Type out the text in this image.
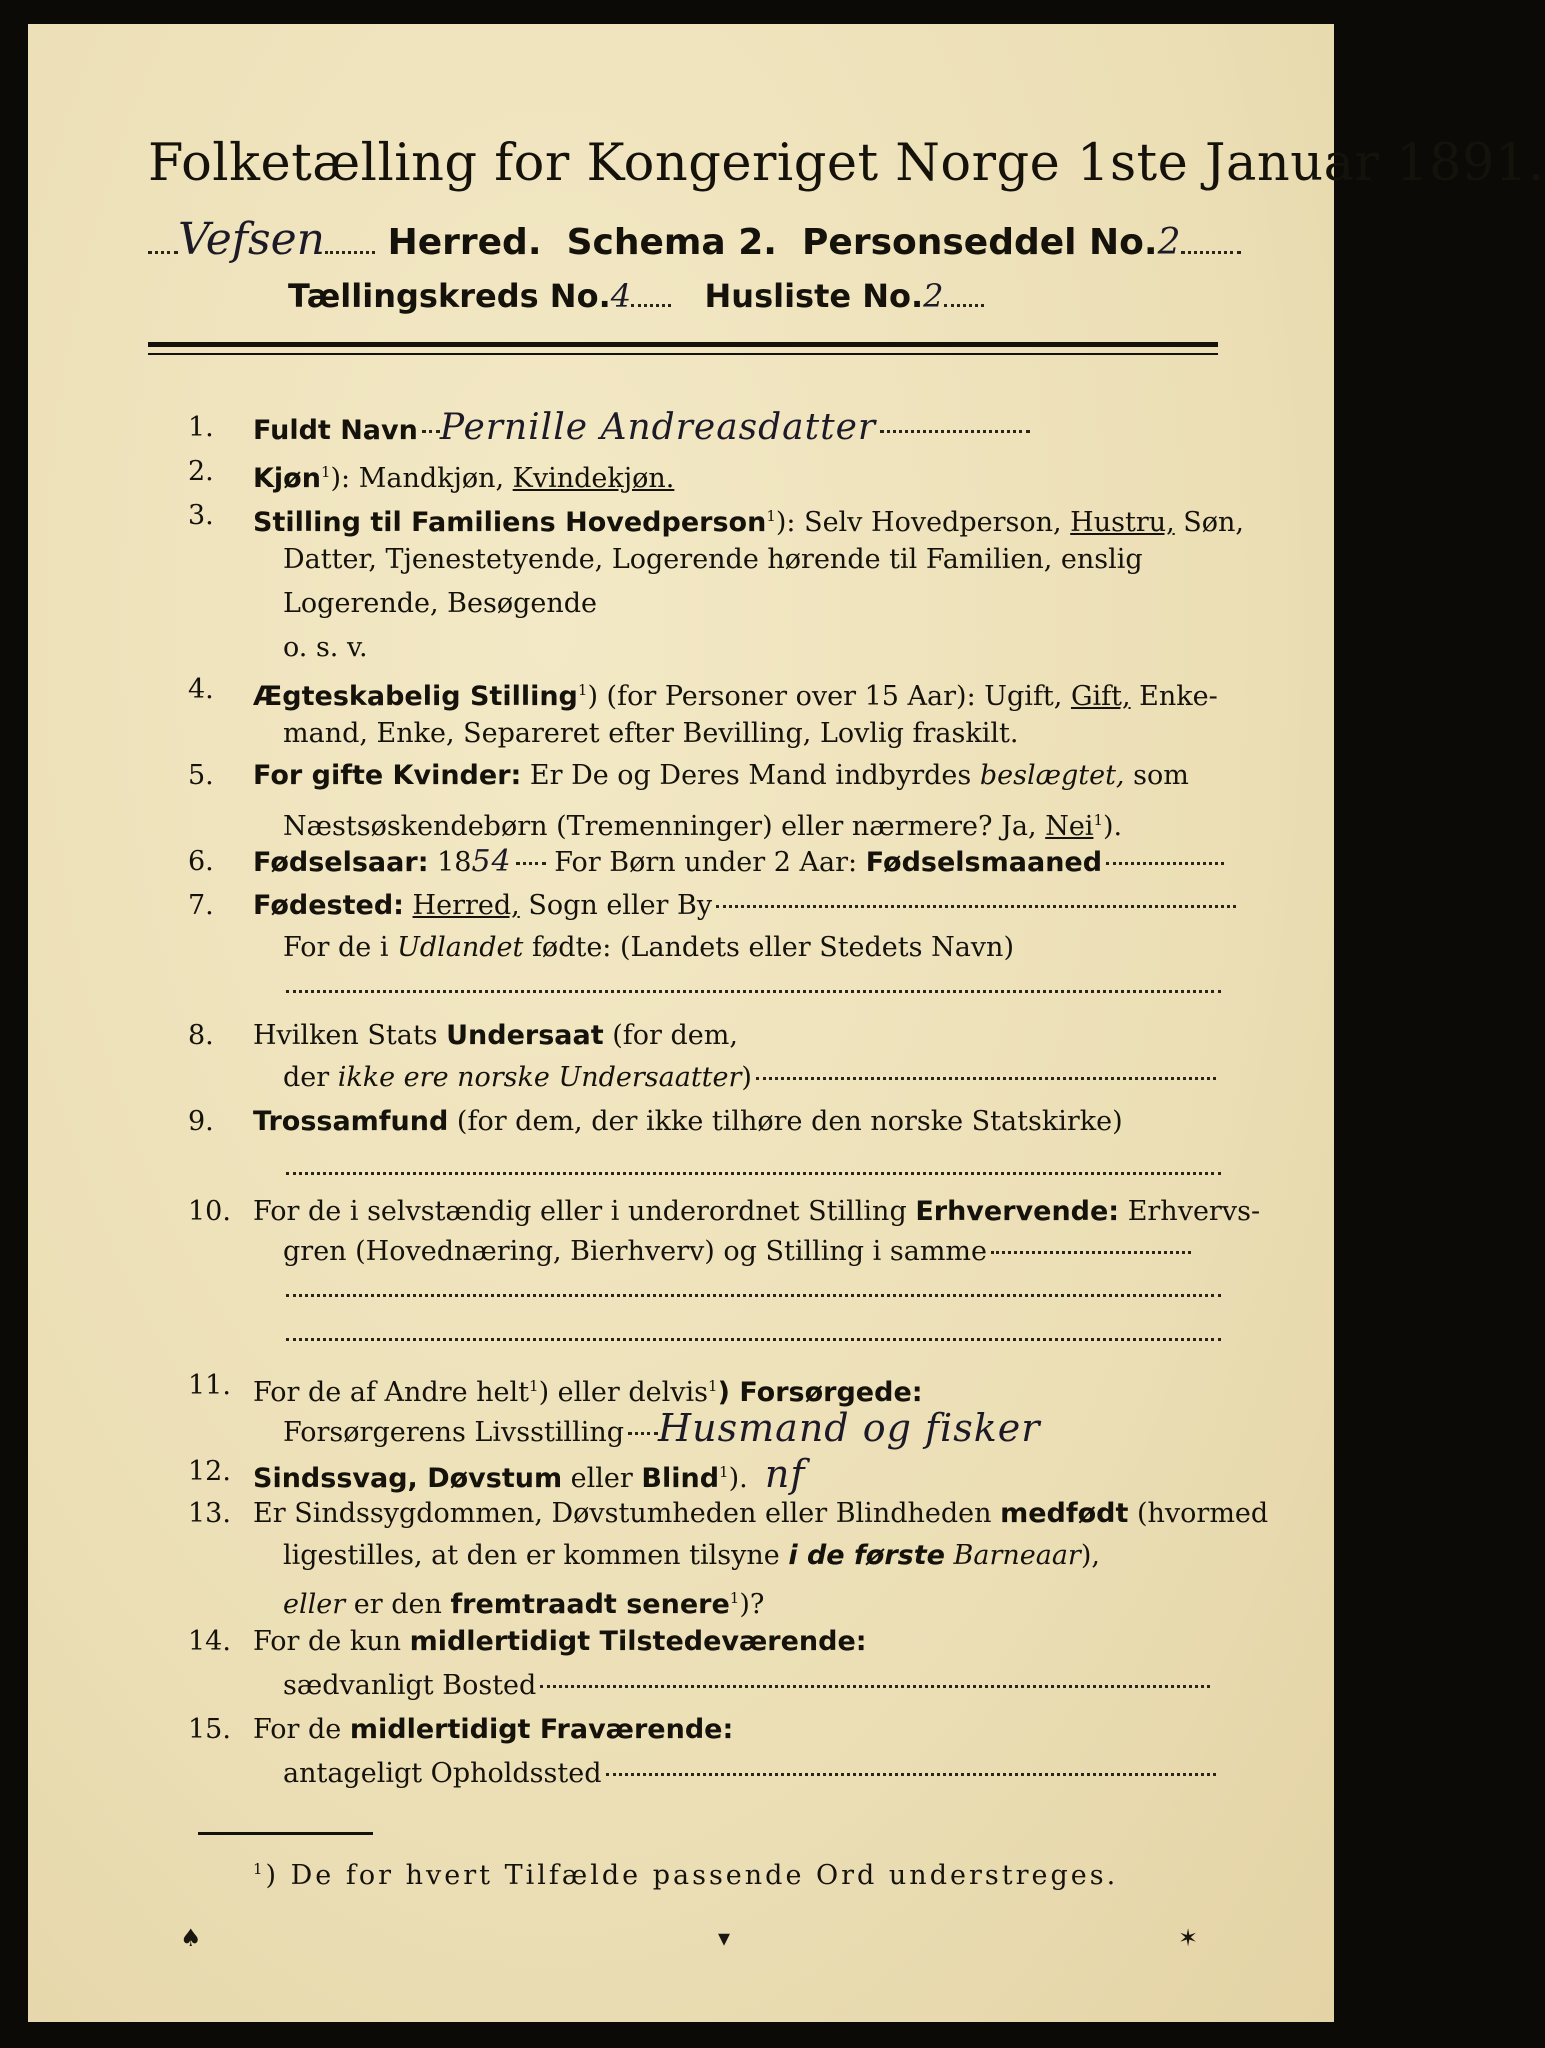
Folketælling for Kongeriget Norge 1ste Januar 1891.
Vefsen Herred. Schema 2. Personseddel No.2
Tællingskreds No.4 Husliste No.2
1.	Fuldt Navn Pernille Andreasdatter
2.	Kjøn$^1$): Mandkjøn, Kvindekjøn.
3.	Stilling til Familiens Hovedperson$^1$): Selv Hovedperson, Hustru, Søn,
Datter, Tjenestetyende, Logerende hørende til Familien, enslig
Logerende, Besøgende
o. s. v.
4.	Ægteskabelig Stilling$^1$) (for Personer over 15 Aar): Ugift, Gift, Enke-
mand, Enke, Separeret efter Bevilling, Lovlig fraskilt.
5.	For gifte Kvinder: Er De og Deres Mand indbyrdes beslægtet, som
Næstsøskendebørn (Tremenninger) eller nærmere? Ja, Nei$^1$).
6.	Fødselsaar: 1854 For Børn under 2 Aar: Fødselsmaaned
7.	Fødested: Herred, Sogn eller By
For de i Udlandet fødte: (Landets eller Stedets Navn)
8.	Hvilken Stats Undersaat (for dem,
der ikke ere norske Undersaatter)
9.	Trossamfund (for dem, der ikke tilhøre den norske Statskirke)
10. For de i selvstændig eller i underordnet Stilling Erhvervende: Erhvervs-
gren (Hovednæring, Bierhverv) og Stilling i samme
11. For de af Andre helt$^1$) eller delvis$^1$) Forsørgede:
Forsørgerens Livsstilling Husmand og fisker
12. Sindssvag, Døvstum eller Blind$^1$). nf
13. Er Sindssygdommen, Døvstumheden eller Blindheden medfødt (hvormed
ligestilles, at den er kommen tilsyne i de første Barneaar),
eller er den fremtraadt senere$^1$)?
14. For de kun midlertidigt Tilstedeværende:
sædvanligt Bosted
15. For de midlertidigt Fraværende:
antageligt Opholdssted
$^1$) De for hvert Tilfælde passende Ord understreges.
♠	▾	✶
